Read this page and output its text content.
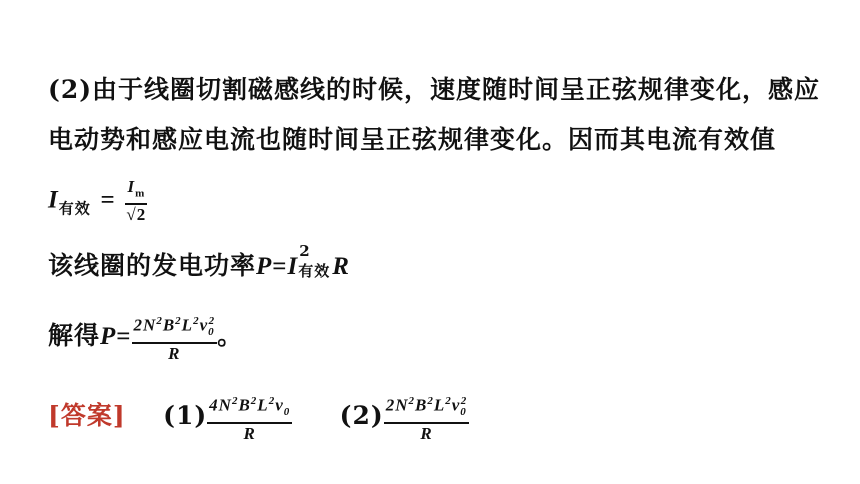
(2)由于线圈切割磁感线的时候，速度随时间呈正弦规律变化，感应
电动势和感应电流也随时间呈正弦规律变化。因而其电流有效值
$I_{有效} = \frac{I_m}{√2}$
该线圈的发电功率P=I
2
有效 R
解得$P= \frac{2N^2B^2L^2v_0^2}{R}$ 。
[答案] $(1) \frac{4N^2B^2L^2v_0}{R} (2) \frac{2N^2B^2L^2v_0^2}{R}$
